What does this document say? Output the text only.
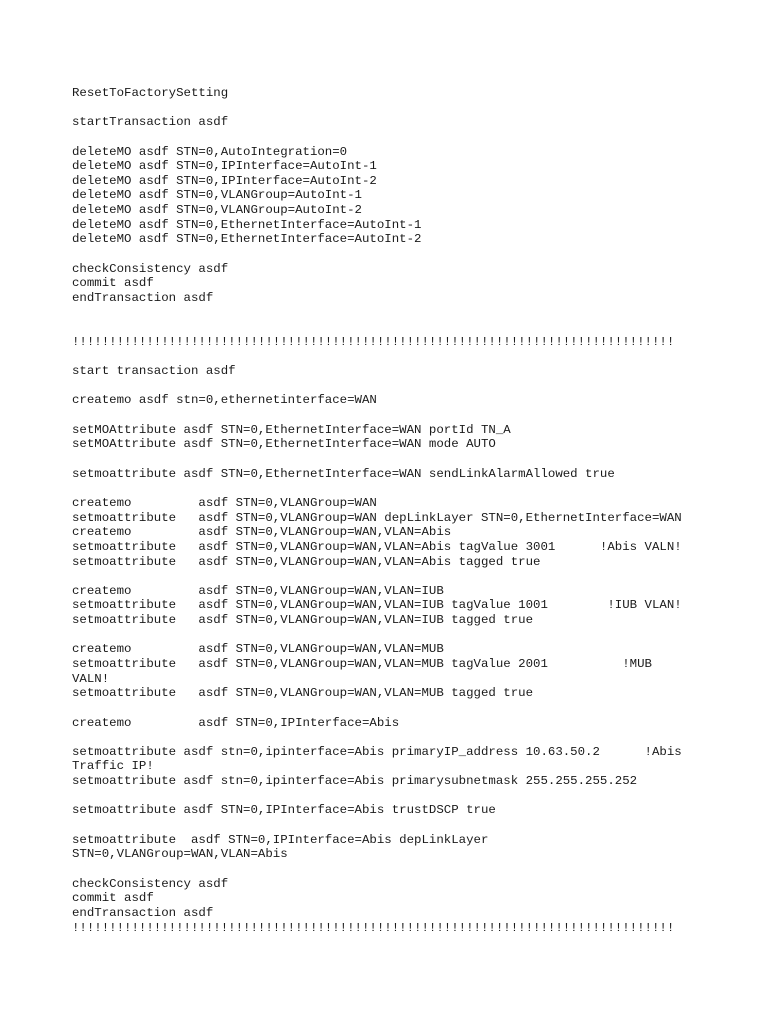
ResetToFactorySetting
startTransaction asdf
deleteMO asdf STN=0,AutoIntegration=0
deleteMO asdf STN=0,IPInterface=AutoInt-1
deleteMO asdf STN=0,IPInterface=AutoInt-2
deleteMO asdf STN=0,VLANGroup=AutoInt-1
deleteMO asdf STN=0,VLANGroup=AutoInt-2
deleteMO asdf STN=0,EthernetInterface=AutoInt-1
deleteMO asdf STN=0,EthernetInterface=AutoInt-2
checkConsistency asdf
commit asdf
endTransaction asdf
!!!!!!!!!!!!!!!!!!!!!!!!!!!!!!!!!!!!!!!!!!!!!!!!!!!!!!!!!!!!!!!!!!!!!!!!!!!!!!!!!
start transaction asdf
createmo asdf stn=0,ethernetinterface=WAN
setMOAttribute asdf STN=0,EthernetInterface=WAN portId TN_A
setMOAttribute asdf STN=0,EthernetInterface=WAN mode AUTO
setmoattribute asdf STN=0,EthernetInterface=WAN sendLinkAlarmAllowed true
createmo         asdf STN=0,VLANGroup=WAN
setmoattribute   asdf STN=0,VLANGroup=WAN depLinkLayer STN=0,EthernetInterface=WAN
createmo         asdf STN=0,VLANGroup=WAN,VLAN=Abis
setmoattribute   asdf STN=0,VLANGroup=WAN,VLAN=Abis tagValue 3001      !Abis VALN!
setmoattribute   asdf STN=0,VLANGroup=WAN,VLAN=Abis tagged true
createmo         asdf STN=0,VLANGroup=WAN,VLAN=IUB
setmoattribute   asdf STN=0,VLANGroup=WAN,VLAN=IUB tagValue 1001        !IUB VLAN!
setmoattribute   asdf STN=0,VLANGroup=WAN,VLAN=IUB tagged true
createmo         asdf STN=0,VLANGroup=WAN,VLAN=MUB
setmoattribute   asdf STN=0,VLANGroup=WAN,VLAN=MUB tagValue 2001          !MUB
VALN!
setmoattribute   asdf STN=0,VLANGroup=WAN,VLAN=MUB tagged true
createmo         asdf STN=0,IPInterface=Abis
setmoattribute asdf stn=0,ipinterface=Abis primaryIP_address 10.63.50.2      !Abis
Traffic IP!
setmoattribute asdf stn=0,ipinterface=Abis primarysubnetmask 255.255.255.252
setmoattribute asdf STN=0,IPInterface=Abis trustDSCP true
setmoattribute  asdf STN=0,IPInterface=Abis depLinkLayer
STN=0,VLANGroup=WAN,VLAN=Abis
checkConsistency asdf
commit asdf
endTransaction asdf
!!!!!!!!!!!!!!!!!!!!!!!!!!!!!!!!!!!!!!!!!!!!!!!!!!!!!!!!!!!!!!!!!!!!!!!!!!!!!!!!!
